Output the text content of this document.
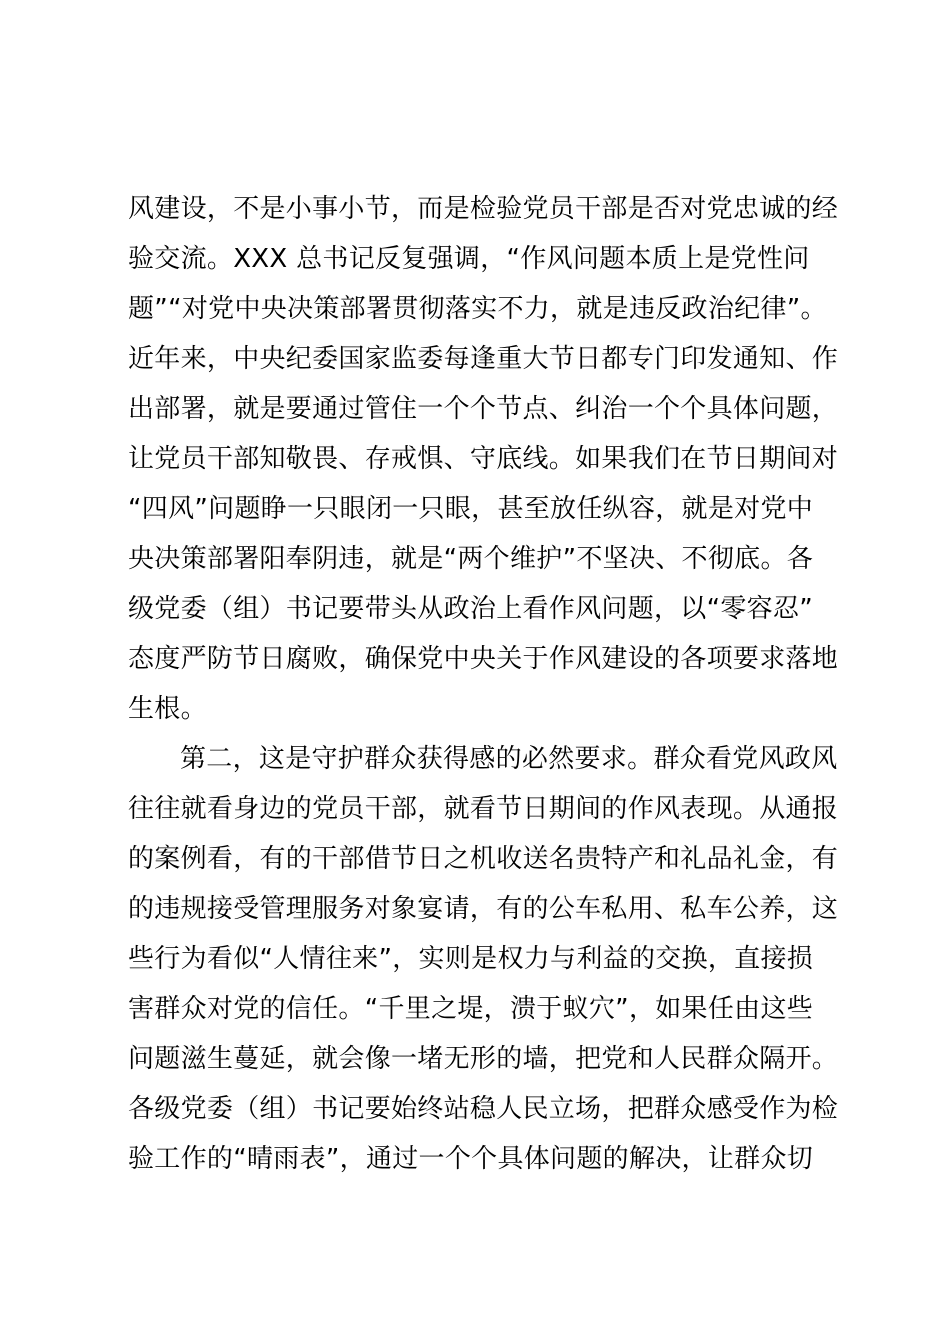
风建设，不是小事小节，而是检验党员干部是否对党忠诚的经
验交流。XXX 总书记反复强调，“作风问题本质上是党性问
题”“对党中央决策部署贯彻落实不力，就是违反政治纪律”。
近年来，中央纪委国家监委每逢重大节日都专门印发通知、作
出部署，就是要通过管住一个个节点、纠治一个个具体问题，
让党员干部知敬畏、存戒惧、守底线。如果我们在节日期间对
“四风”问题睁一只眼闭一只眼，甚至放任纵容，就是对党中
央决策部署阳奉阴违，就是“两个维护”不坚决、不彻底。各
级党委（组）书记要带头从政治上看作风问题，以“零容忍”
态度严防节日腐败，确保党中央关于作风建设的各项要求落地
生根。
第二，这是守护群众获得感的必然要求。群众看党风政风
往往就看身边的党员干部，就看节日期间的作风表现。从通报
的案例看，有的干部借节日之机收送名贵特产和礼品礼金，有
的违规接受管理服务对象宴请，有的公车私用、私车公养，这
些行为看似“人情往来”，实则是权力与利益的交换，直接损
害群众对党的信任。“千里之堤，溃于蚁穴”，如果任由这些
问题滋生蔓延，就会像一堵无形的墙，把党和人民群众隔开。
各级党委（组）书记要始终站稳人民立场，把群众感受作为检
验工作的“晴雨表”，通过一个个具体问题的解决，让群众切
